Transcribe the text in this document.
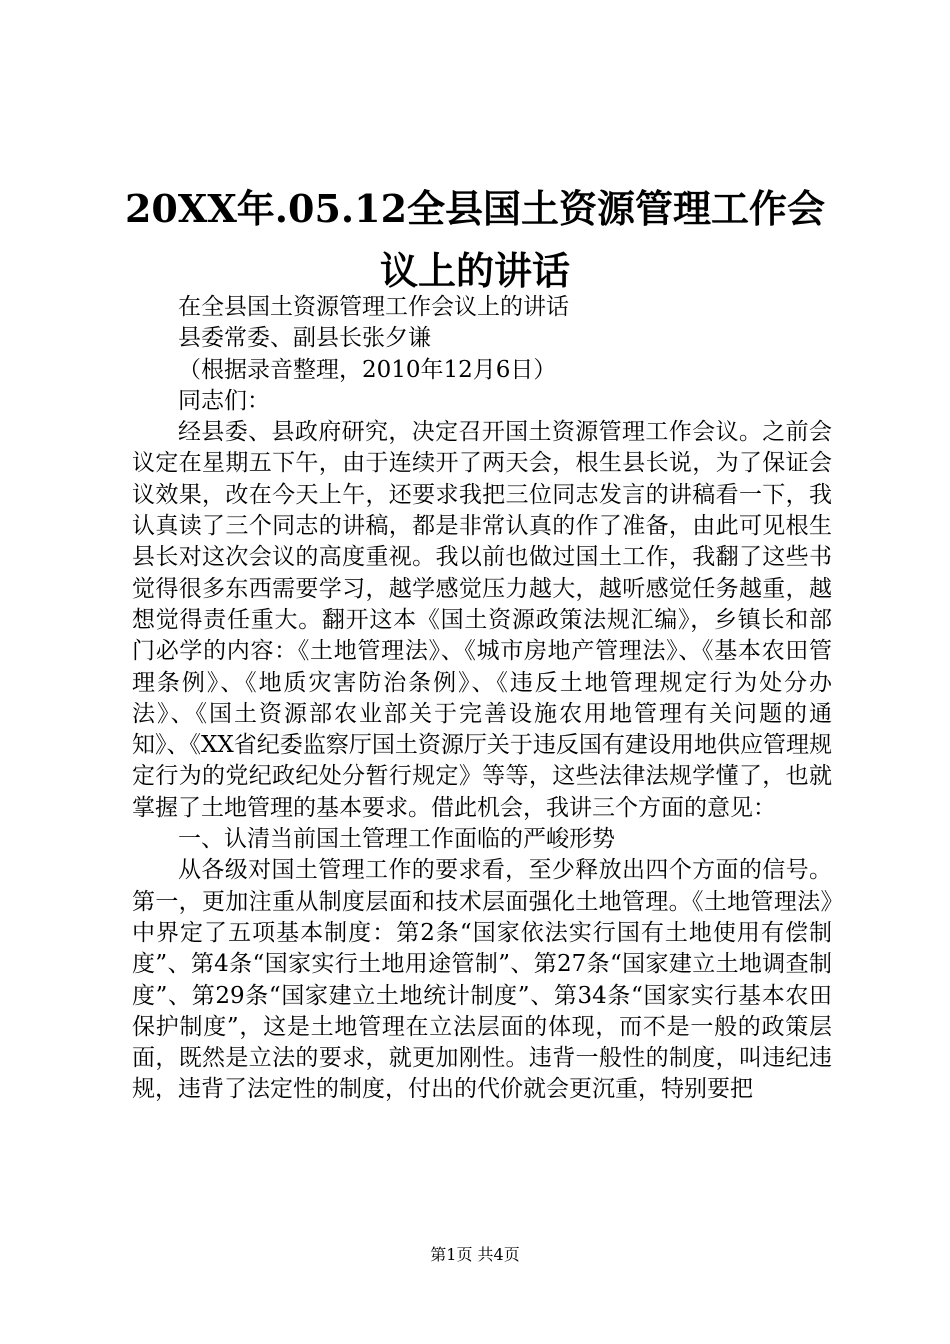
20XX年.05.12全县国土资源管理工作会议上的讲话

在全县国土资源管理工作会议上的讲话

县委常委、副县长张夕谦

（根据录音整理，2010年12月6日）

同志们：

经县委、县政府研究，决定召开国土资源管理工作会议。之前会议定在星期五下午，由于连续开了两天会，根生县长说，为了保证会议效果，改在今天上午，还要求我把三位同志发言的讲稿看一下，我认真读了三个同志的讲稿，都是非常认真的作了准备，由此可见根生县长对这次会议的高度重视。我以前也做过国土工作，我翻了这些书觉得很多东西需要学习，越学感觉压力越大，越听感觉任务越重，越想觉得责任重大。翻开这本《国土资源政策法规汇编》，乡镇长和部门必学的内容：《土地管理法》、《城市房地产管理法》、《基本农田管理条例》、《地质灾害防治条例》、《违反土地管理规定行为处分办法》、《国土资源部农业部关于完善设施农用地管理有关问题的通知》、《XX省纪委监察厅国土资源厅关于违反国有建设用地供应管理规定行为的党纪政纪处分暂行规定》等等，这些法律法规学懂了，也就掌握了土地管理的基本要求。借此机会，我讲三个方面的意见：

一、认清当前国土管理工作面临的严峻形势

从各级对国土管理工作的要求看，至少释放出四个方面的信号。第一，更加注重从制度层面和技术层面强化土地管理。《土地管理法》中界定了五项基本制度：第2条“国家依法实行国有土地使用有偿制度”、第4条“国家实行土地用途管制”、第27条“国家建立土地调查制度”、第29条“国家建立土地统计制度”、第34条“国家实行基本农田保护制度”，这是土地管理在立法层面的体现，而不是一般的政策层面，既然是立法的要求，就更加刚性。违背一般性的制度，叫违纪违规，违背了法定性的制度，付出的代价就会更沉重，特别要把

第1页 共4页
